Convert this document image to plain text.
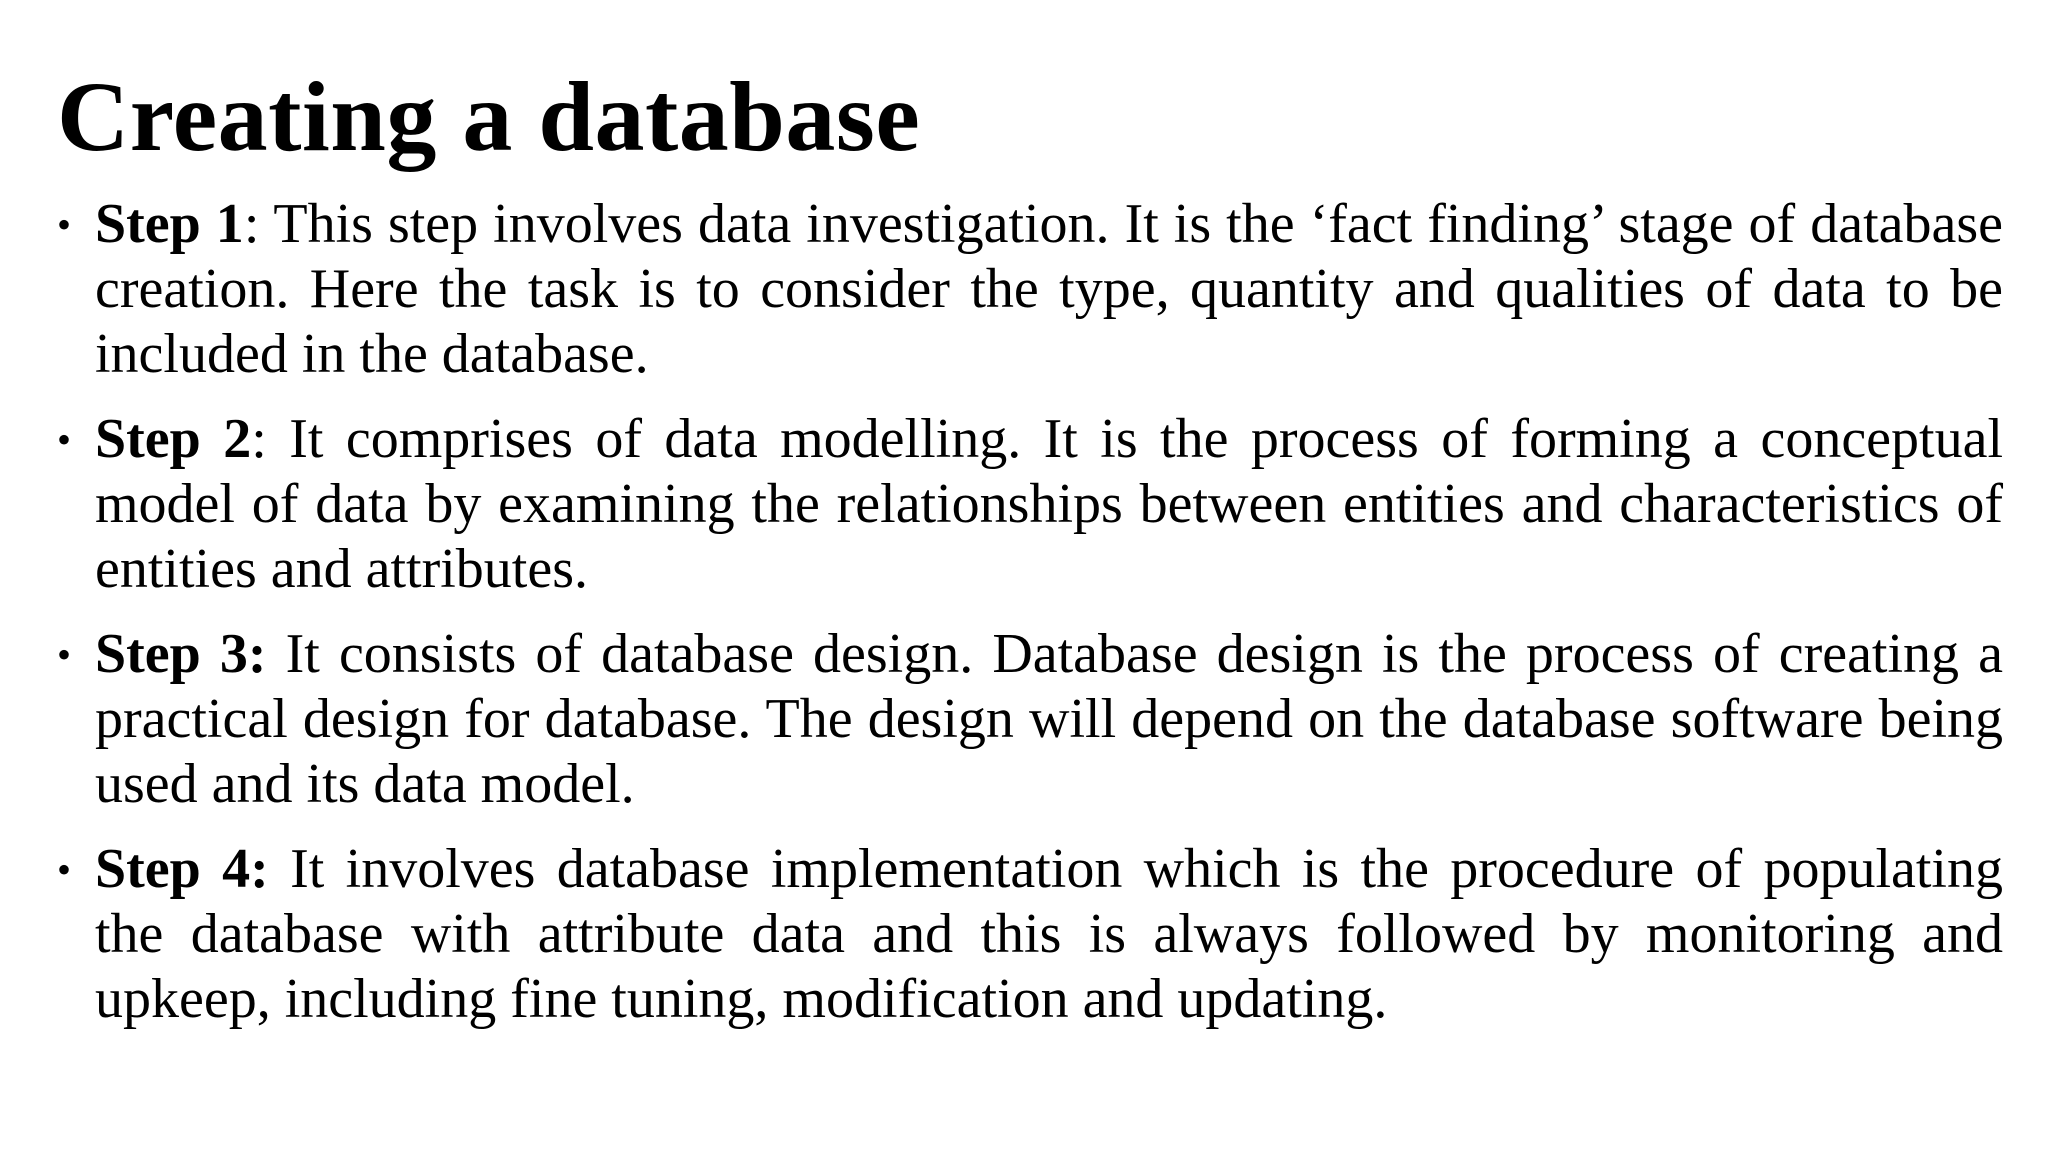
Creating a database
• Step 1: This step involves data investigation. It is the ‘fact finding’ stage of database creation. Here the task is to consider the type, quantity and qualities of data to be included in the database.
• Step 2: It comprises of data modelling. It is the process of forming a conceptual model of data by examining the relationships between entities and characteristics of entities and attributes.
• Step 3: It consists of database design. Database design is the process of creating a practical design for database. The design will depend on the database software being used and its data model.
• Step 4: It involves database implementation which is the procedure of populating the database with attribute data and this is always followed by monitoring and upkeep, including fine tuning, modification and updating.
